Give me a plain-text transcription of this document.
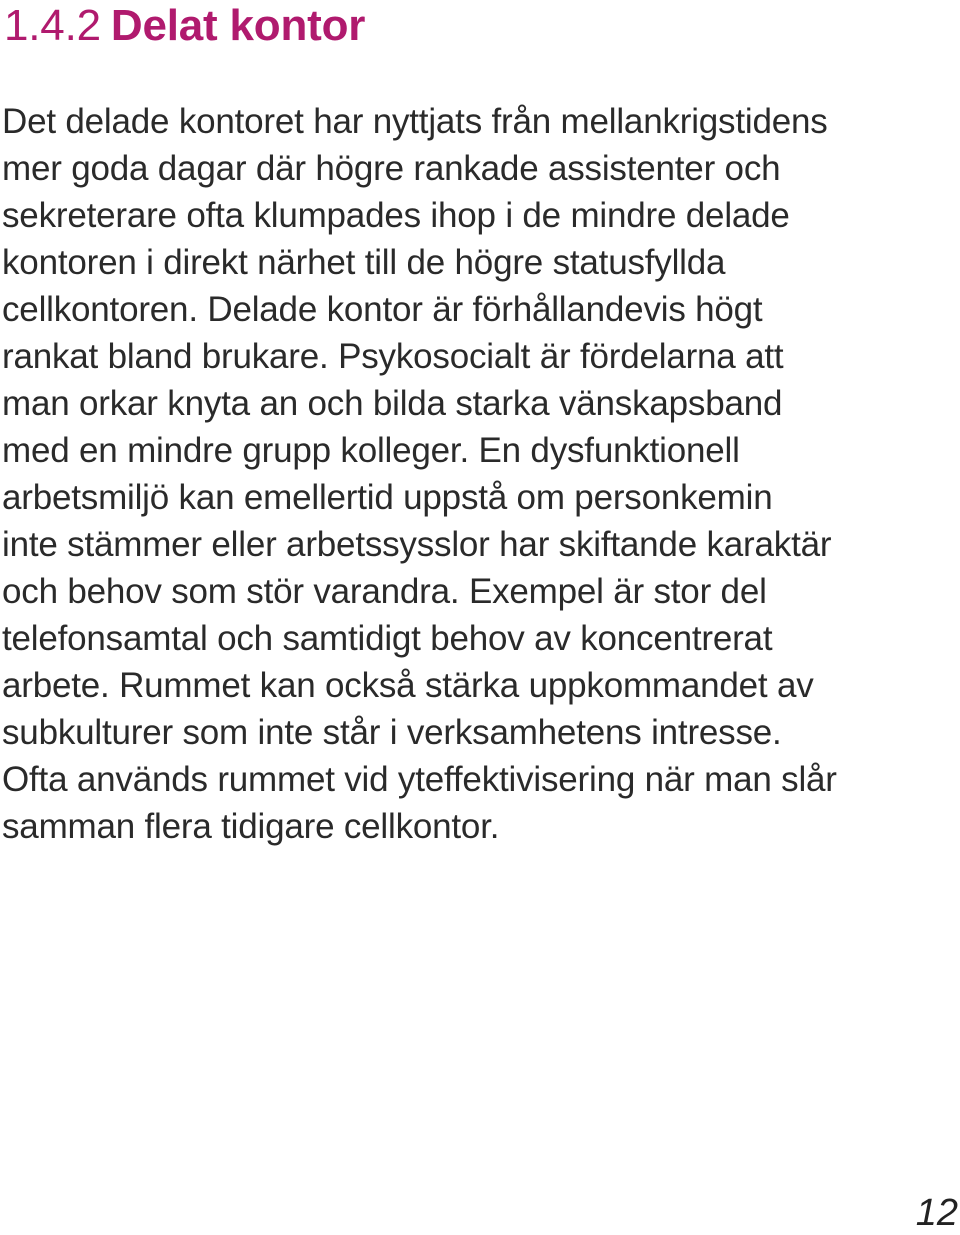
1.4.2 Delat kontor
Det delade kontoret har nyttjats från mellankrigstidens
mer goda dagar där högre rankade assistenter och
sekreterare ofta klumpades ihop i de mindre delade
kontoren i direkt närhet till de högre statusfyllda
cellkontoren. Delade kontor är förhållandevis högt
rankat bland brukare. Psykosocialt är fördelarna att
man orkar knyta an och bilda starka vänskapsband
med en mindre grupp kolleger. En dysfunktionell
arbetsmiljö kan emellertid uppstå om personkemin
inte stämmer eller arbetssysslor har skiftande karaktär
och behov som stör varandra. Exempel är stor del
telefonsamtal och samtidigt behov av koncentrerat
arbete. Rummet kan också stärka uppkommandet av
subkulturer som inte står i verksamhetens intresse.
Ofta används rummet vid yteffektivisering när man slår
samman flera tidigare cellkontor.
12
